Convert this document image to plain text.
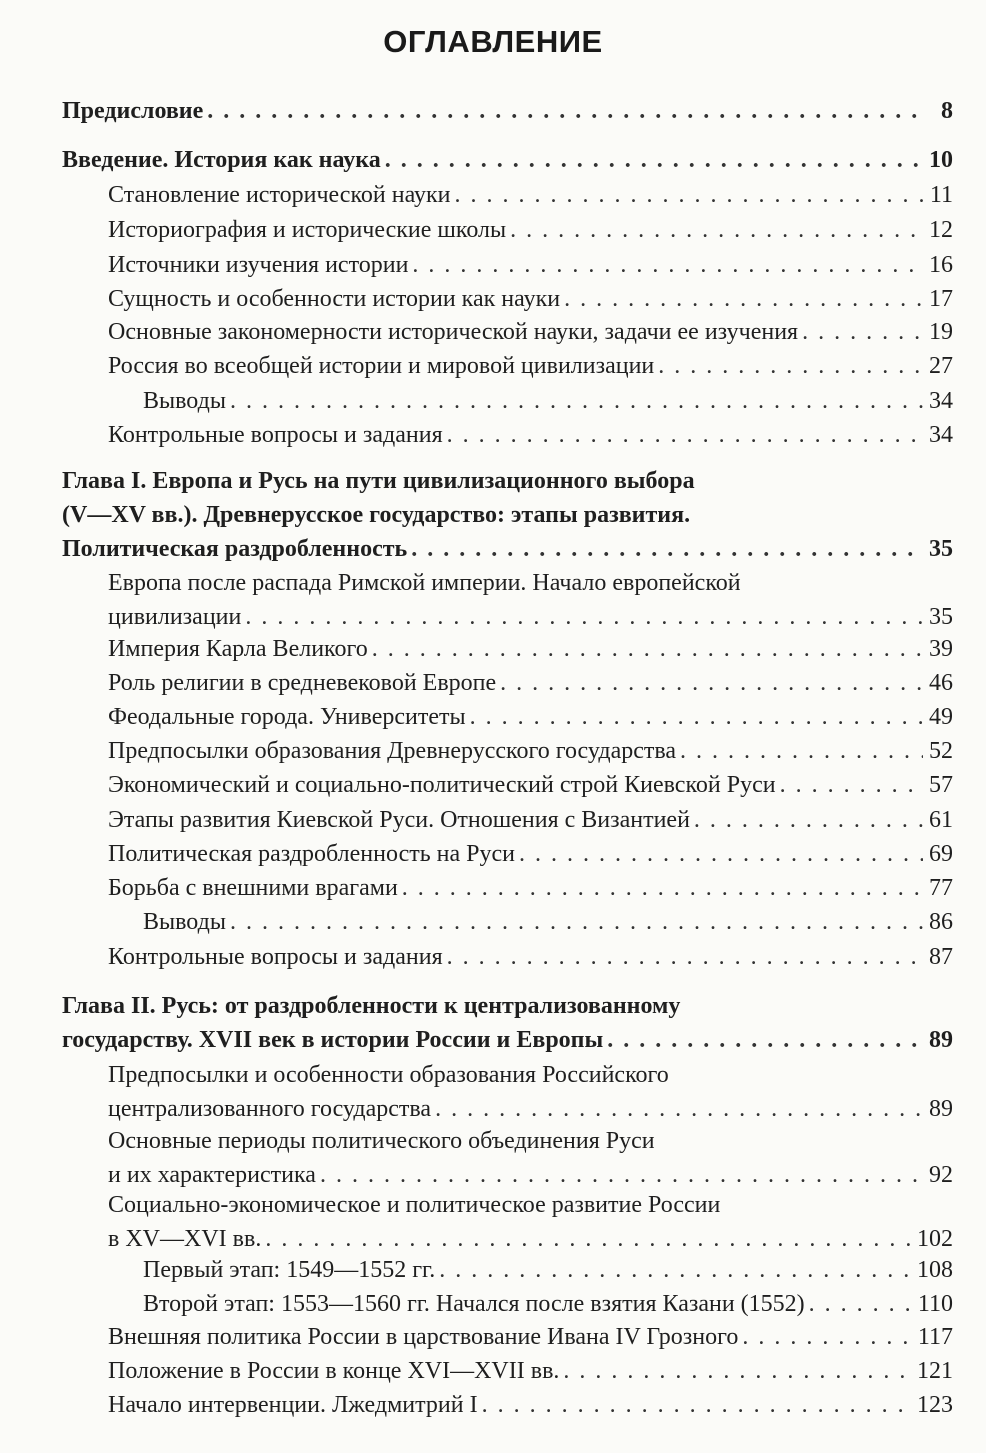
ОГЛАВЛЕНИЕ
Предисловие . . .	8
Введение. История как наука . . .	10
Становление исторической науки . . .	11
Историография и исторические школы . . .	12
Источники изучения истории . . .	16
Сущность и особенности истории как науки . . .	17
Основные закономерности исторической науки, задачи ее изучения . . .	19
Россия во всеобщей истории и мировой цивилизации . . .	27
Выводы . . .	34
Контрольные вопросы и задания . . .	34
Глава I. Европа и Русь на пути цивилизационного выбора
(V—XV вв.). Древнерусское государство: этапы развития.
Политическая раздробленность . . .	35
Европа после распада Римской империи. Начало европейской
цивилизации . . .	35
Империя Карла Великого . . .	39
Роль религии в средневековой Европе . . .	46
Феодальные города. Университеты . . .	49
Предпосылки образования Древнерусского государства . . .	52
Экономический и социально-политический строй Киевской Руси . . .	57
Этапы развития Киевской Руси. Отношения с Византией . . .	61
Политическая раздробленность на Руси . . .	69
Борьба с внешними врагами . . .	77
Выводы . . .	86
Контрольные вопросы и задания . . .	87
Глава II. Русь: от раздробленности к централизованному
государству. XVII век в истории России и Европы . . .	89
Предпосылки и особенности образования Российского
централизованного государства . . .	89
Основные периоды политического объединения Руси
и их характеристика . . .	92
Социально-экономическое и политическое развитие России
в XV—XVI вв. . . .	102
Первый этап: 1549—1552 гг. . . .	108
Второй этап: 1553—1560 гг. Начался после взятия Казани (1552) . . .	110
Внешняя политика России в царствование Ивана IV Грозного . . .	117
Положение в России в конце XVI—XVII вв. . . .	121
Начало интервенции. Лжедмитрий I . . .	123
